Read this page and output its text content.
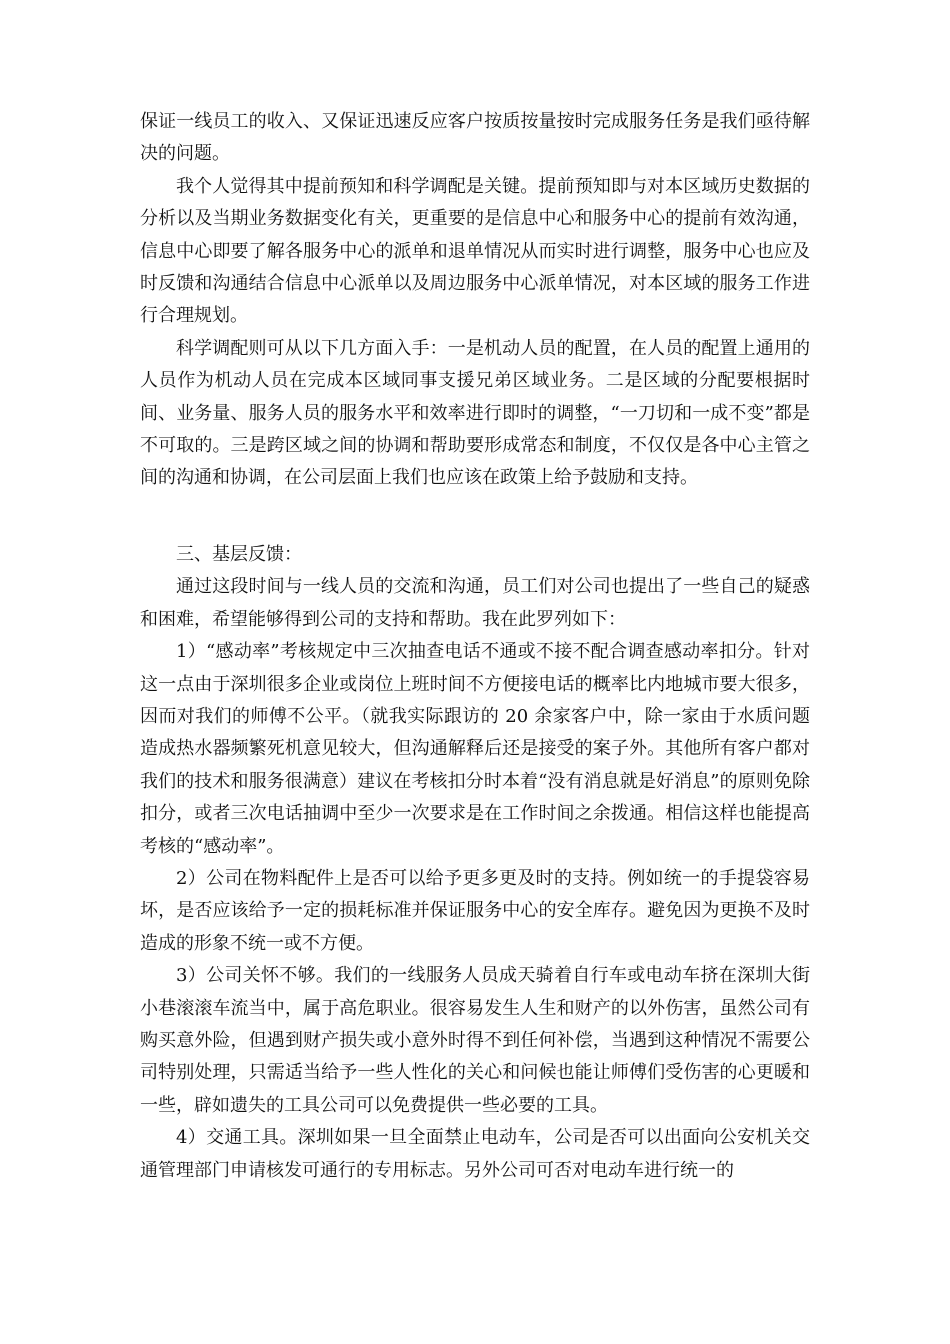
保证一线员工的收入、又保证迅速反应客户按质按量按时完成服务任务是我们亟待解决的问题。

我个人觉得其中提前预知和科学调配是关键。提前预知即与对本区域历史数据的分析以及当期业务数据变化有关，更重要的是信息中心和服务中心的提前有效沟通，信息中心即要了解各服务中心的派单和退单情况从而实时进行调整，服务中心也应及时反馈和沟通结合信息中心派单以及周边服务中心派单情况，对本区域的服务工作进行合理规划。

科学调配则可从以下几方面入手：一是机动人员的配置，在人员的配置上通用的人员作为机动人员在完成本区域同事支援兄弟区域业务。二是区域的分配要根据时间、业务量、服务人员的服务水平和效率进行即时的调整，“一刀切和一成不变”都是不可取的。三是跨区域之间的协调和帮助要形成常态和制度，不仅仅是各中心主管之间的沟通和协调，在公司层面上我们也应该在政策上给予鼓励和支持。

三、基层反馈：

通过这段时间与一线人员的交流和沟通，员工们对公司也提出了一些自己的疑惑和困难，希望能够得到公司的支持和帮助。我在此罗列如下：

1）“感动率”考核规定中三次抽查电话不通或不接不配合调查感动率扣分。针对这一点由于深圳很多企业或岗位上班时间不方便接电话的概率比内地城市要大很多，因而对我们的师傅不公平。（就我实际跟访的 20 余家客户中，除一家由于水质问题造成热水器频繁死机意见较大，但沟通解释后还是接受的案子外。其他所有客户都对我们的技术和服务很满意）建议在考核扣分时本着“没有消息就是好消息”的原则免除扣分，或者三次电话抽调中至少一次要求是在工作时间之余拨通。相信这样也能提高考核的“感动率”。

2）公司在物料配件上是否可以给予更多更及时的支持。例如统一的手提袋容易坏，是否应该给予一定的损耗标准并保证服务中心的安全库存。避免因为更换不及时造成的形象不统一或不方便。

3）公司关怀不够。我们的一线服务人员成天骑着自行车或电动车挤在深圳大街小巷滚滚车流当中，属于高危职业。很容易发生人生和财产的以外伤害，虽然公司有购买意外险，但遇到财产损失或小意外时得不到任何补偿，当遇到这种情况不需要公司特别处理，只需适当给予一些人性化的关心和问候也能让师傅们受伤害的心更暖和一些，辟如遗失的工具公司可以免费提供一些必要的工具。

4）交通工具。深圳如果一旦全面禁止电动车，公司是否可以出面向公安机关交通管理部门申请核发可通行的专用标志。另外公司可否对电动车进行统一的
